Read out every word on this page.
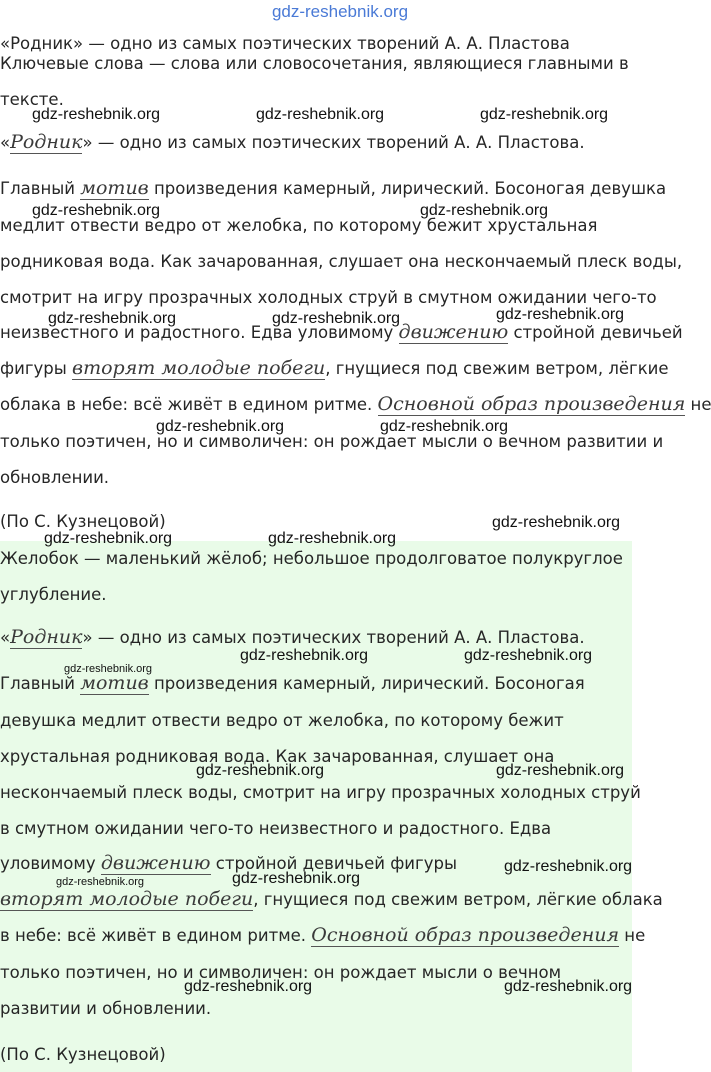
gdz-reshebnik.org
«Родник» — одно из самых поэтических творений А. А. Пластова
Ключевые слова — слова или словосочетания, являющиеся главными в
тексте.
«Родник» — одно из самых поэтических творений А. А. Пластова.
Главный мотив произведения камерный, лирический. Босоногая девушка
медлит отвести ведро от желобка, по которому бежит хрустальная
родниковая вода. Как зачарованная, слушает она нескончаемый плеск воды,
смотрит на игру прозрачных холодных струй в смутном ожидании чего-то
неизвестного и радостного. Едва уловимому движению стройной девичьей
фигуры вторят молодые побеги, гнущиеся под свежим ветром, лёгкие
облака в небе: всё живёт в едином ритме. Основной образ произведения не
только поэтичен, но и символичен: он рождает мысли о вечном развитии и
обновлении.
(По С. Кузнецовой)
Желобок — маленький жёлоб; небольшое продолговатое полукруглое
углубление.
«Родник» — одно из самых поэтических творений А. А. Пластова.
Главный мотив произведения камерный, лирический. Босоногая
девушка медлит отвести ведро от желобка, по которому бежит
хрустальная родниковая вода. Как зачарованная, слушает она
нескончаемый плеск воды, смотрит на игру прозрачных холодных струй
в смутном ожидании чего-то неизвестного и радостного. Едва
уловимому движению стройной девичьей фигуры
вторят молодые побеги, гнущиеся под свежим ветром, лёгкие облака
в небе: всё живёт в едином ритме. Основной образ произведения не
только поэтичен, но и символичен: он рождает мысли о вечном
развитии и обновлении.
(По С. Кузнецовой)
gdz-reshebnik.org	gdz-reshebnik.org	gdz-reshebnik.org
gdz-reshebnik.org	gdz-reshebnik.org
gdz-reshebnik.org	gdz-reshebnik.org	gdz-reshebnik.org
gdz-reshebnik.org	gdz-reshebnik.org
gdz-reshebnik.org
gdz-reshebnik.org	gdz-reshebnik.org
gdz-reshebnik.org	gdz-reshebnik.org
gdz-reshebnik.org
gdz-reshebnik.org	gdz-reshebnik.org
gdz-reshebnik.org
gdz-reshebnik.org
gdz-reshebnik.org
gdz-reshebnik.org	gdz-reshebnik.org
